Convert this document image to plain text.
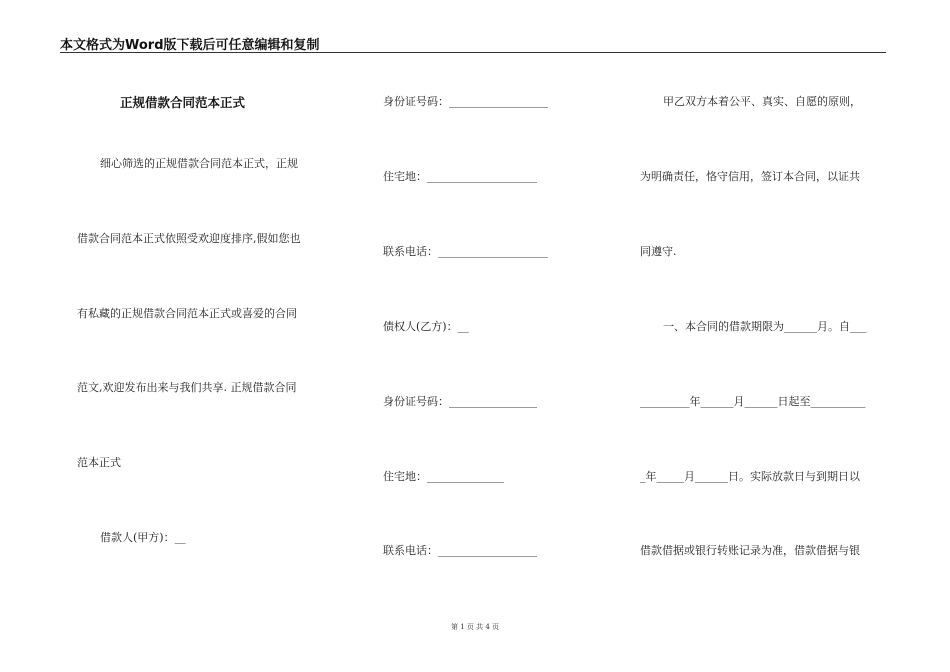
本文格式为Word版下载后可任意编辑和复制
正规借款合同范本正式
细心筛选的正规借款合同范本正式，正规
借款合同范本正式依照受欢迎度排序,假如您也
有私藏的正规借款合同范本正式或喜爱的合同
范文,欢迎发布出来与我们共享. 正规借款合同
范本正式
借款人(甲方)：__
身份证号码：__________________
住宅地：____________________
联系电话：____________________
债权人(乙方)：__
身份证号码：________________
住宅地：______________
联系电话：__________________
甲乙双方本着公平、真实、自愿的原则，
为明确责任，恪守信用，签订本合同，以证共
同遵守.
一、本合同的借款期限为______月。自___
_________年______月______日起至__________
_年_____月______日。实际放款日与到期日以
借款借据或银行转账记录为准，借款借据与银
第 1 页 共 4 页
